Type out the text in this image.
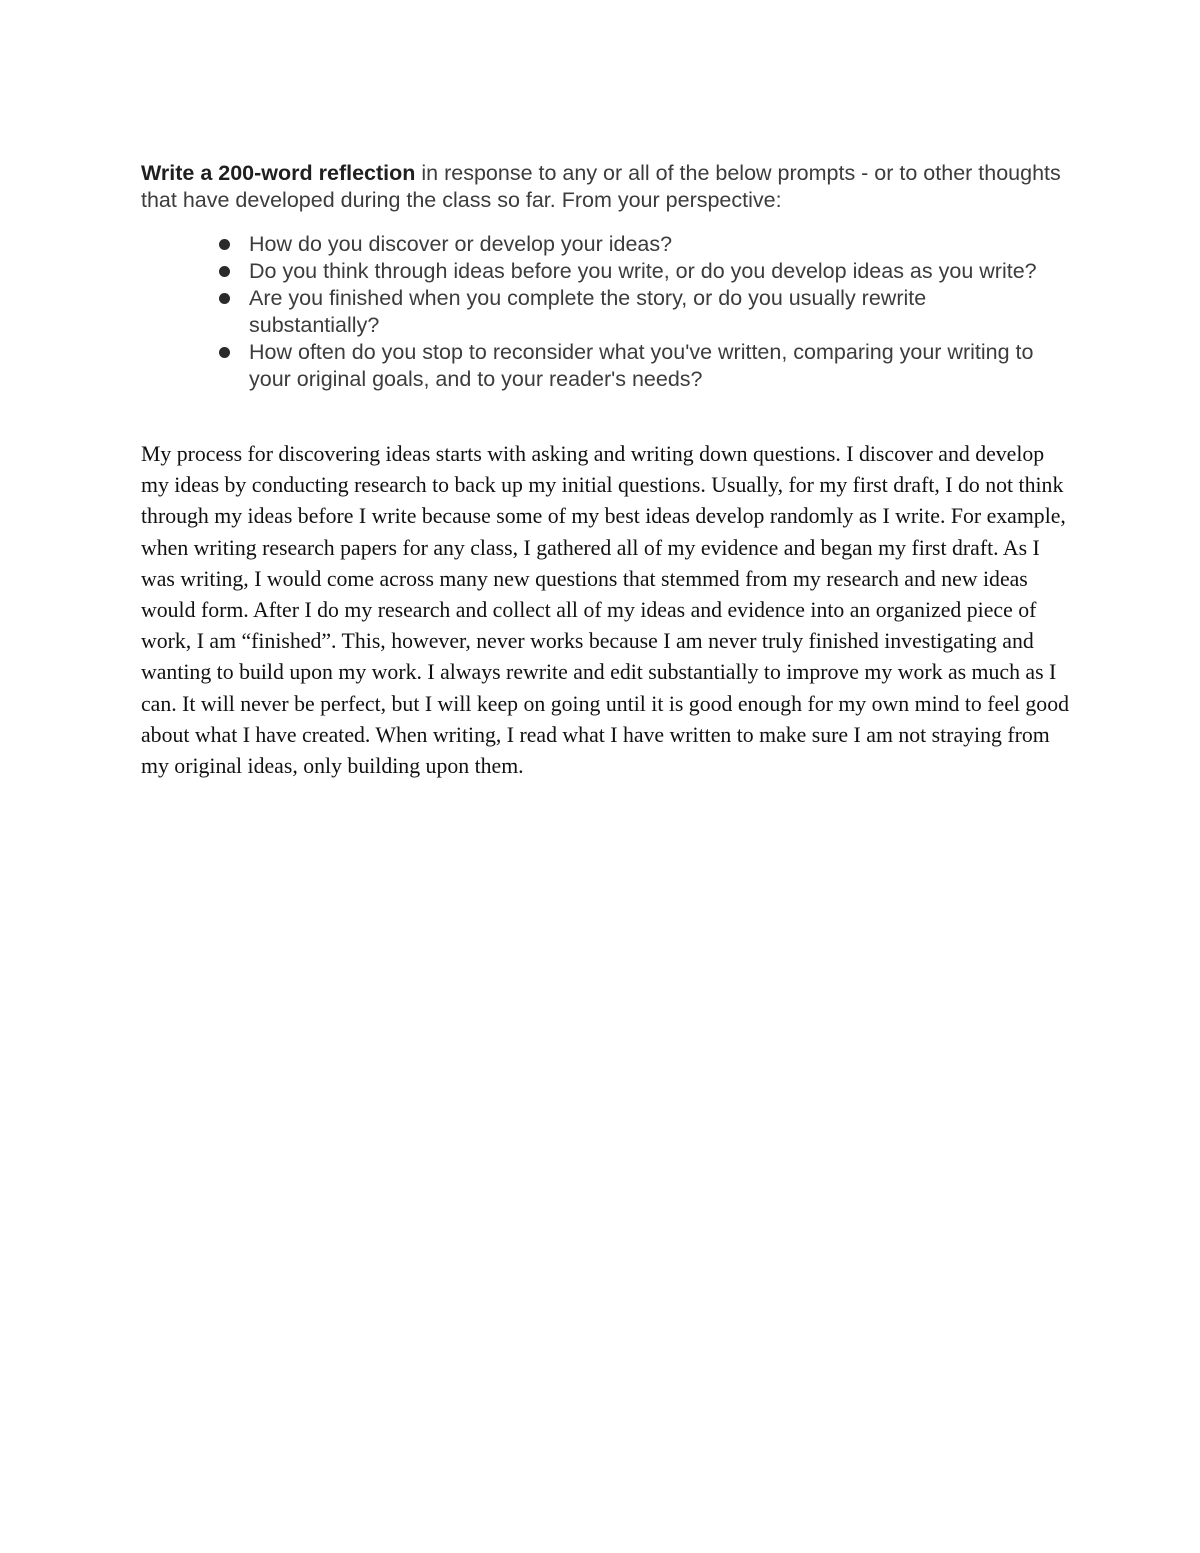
Write a 200-word reflection in response to any or all of the below prompts - or to other thoughts that have developed during the class so far. From your perspective:

How do you discover or develop your ideas?
Do you think through ideas before you write, or do you develop ideas as you write?
Are you finished when you complete the story, or do you usually rewrite substantially?
How often do you stop to reconsider what you've written, comparing your writing to your original goals, and to your reader's needs?

My process for discovering ideas starts with asking and writing down questions. I discover and develop my ideas by conducting research to back up my initial questions. Usually, for my first draft, I do not think through my ideas before I write because some of my best ideas develop randomly as I write. For example, when writing research papers for any class, I gathered all of my evidence and began my first draft. As I was writing, I would come across many new questions that stemmed from my research and new ideas would form. After I do my research and collect all of my ideas and evidence into an organized piece of work, I am “finished”. This, however, never works because I am never truly finished investigating and wanting to build upon my work. I always rewrite and edit substantially to improve my work as much as I can. It will never be perfect, but I will keep on going until it is good enough for my own mind to feel good about what I have created. When writing, I read what I have written to make sure I am not straying from my original ideas, only building upon them.
